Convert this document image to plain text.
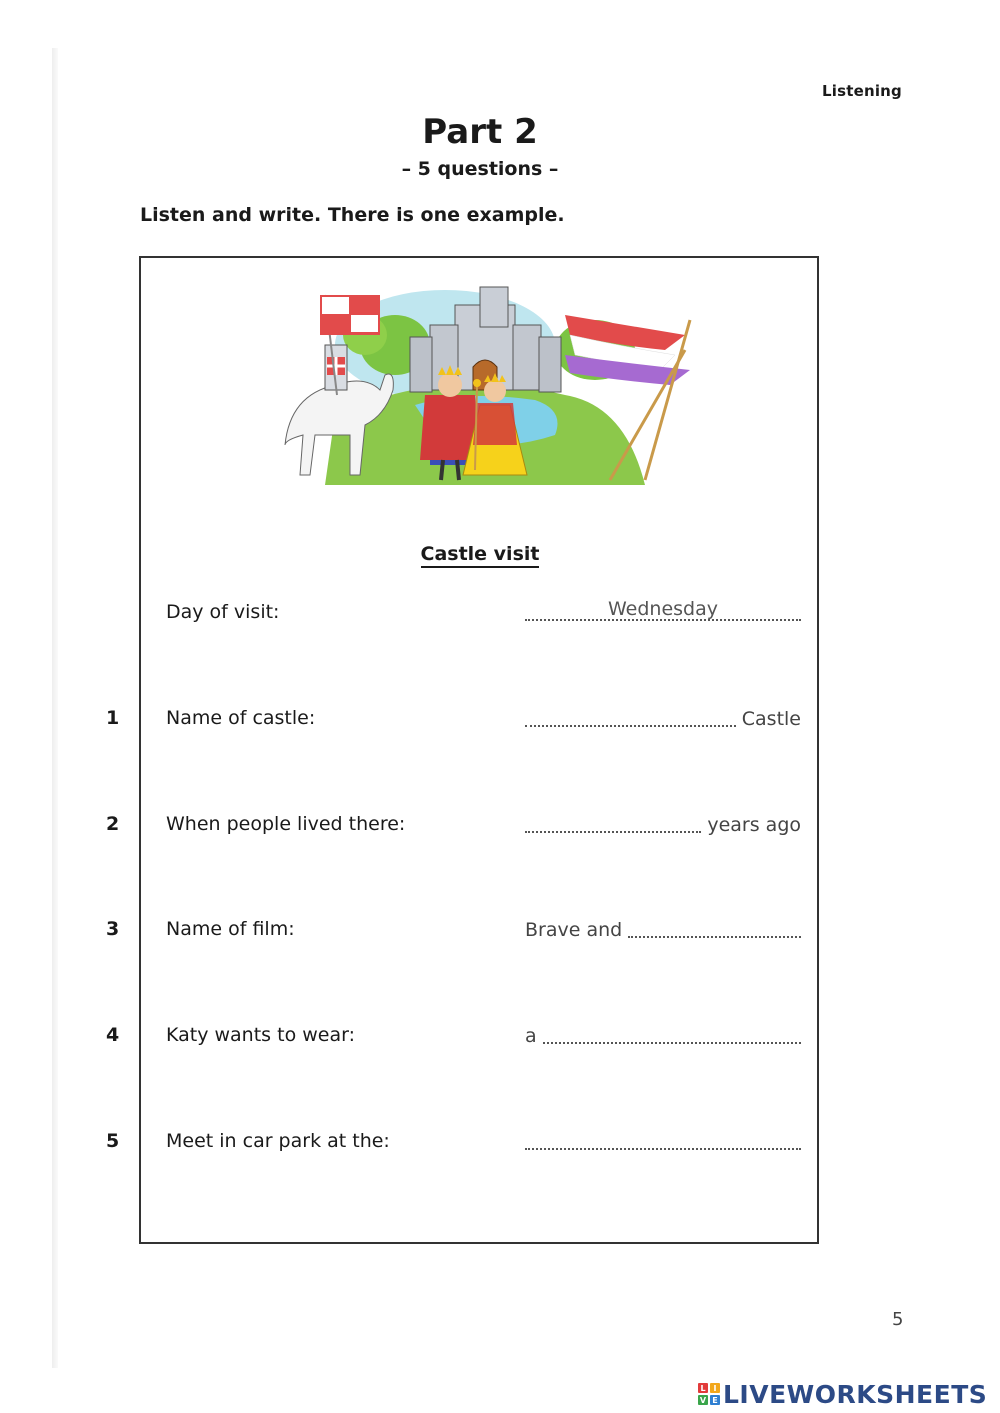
Listening
Part 2
– 5 questions –
Listen and write. There is one example.
Castle visit
Day of visit:	Wednesday
1	Name of castle:	Castle
2	When people lived there:	years ago
3	Name of film:	Brave and
4	Katy wants to wear:	a
5	Meet in car park at the:
5
L I
V E LIVEWORKSHEETS
